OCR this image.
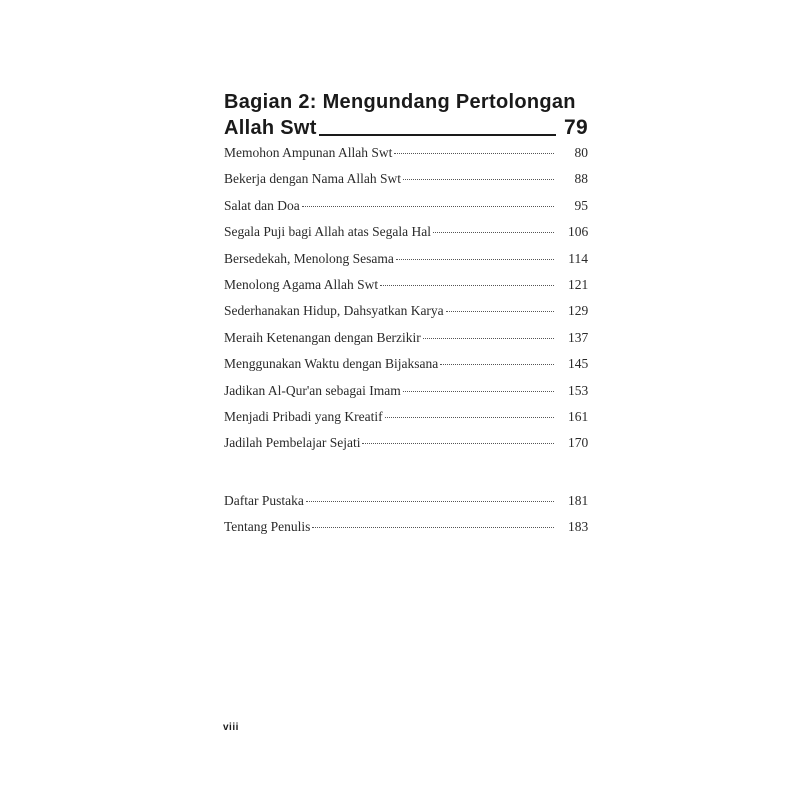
Bagian 2: Mengundang Pertolongan
Allah Swt	79
Memohon Ampunan Allah Swt	80
Bekerja dengan Nama Allah Swt	88
Salat dan Doa	95
Segala Puji bagi Allah atas Segala Hal	106
Bersedekah, Menolong Sesama	114
Menolong Agama Allah Swt	121
Sederhanakan Hidup, Dahsyatkan Karya	129
Meraih Ketenangan dengan Berzikir	137
Menggunakan Waktu dengan Bijaksana	145
Jadikan Al-Qur'an sebagai Imam	153
Menjadi Pribadi yang Kreatif	161
Jadilah Pembelajar Sejati	170
Daftar Pustaka	181
Tentang Penulis	183
viii
